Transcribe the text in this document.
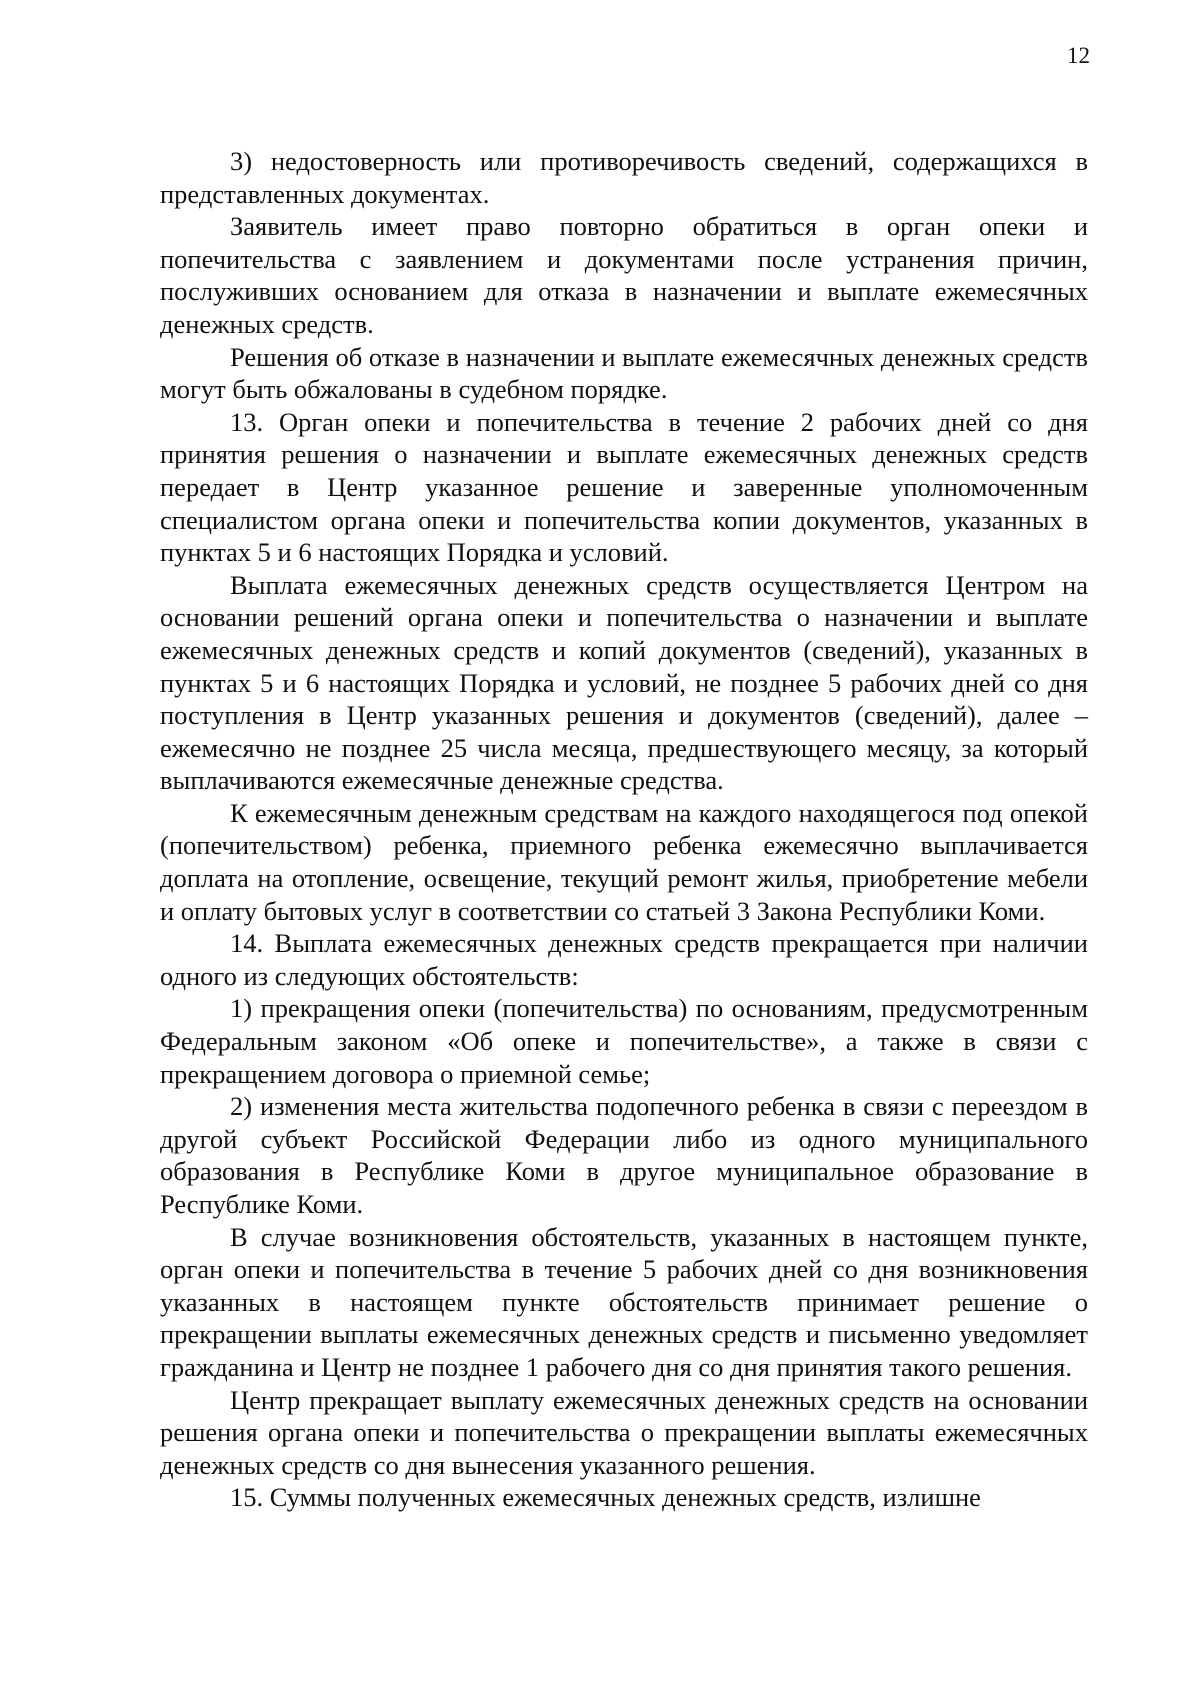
12

3) недостоверность или противоречивость сведений, содержащихся в представленных документах.

Заявитель имеет право повторно обратиться в орган опеки и попечительства с заявлением и документами после устранения причин, послуживших основанием для отказа в назначении и выплате ежемесячных денежных средств.

Решения об отказе в назначении и выплате ежемесячных денежных средств могут быть обжалованы в судебном порядке.

13. Орган опеки и попечительства в течение 2 рабочих дней со дня принятия решения о назначении и выплате ежемесячных денежных средств передает в Центр указанное решение и заверенные уполномоченным специалистом органа опеки и попечительства копии документов, указанных в пунктах 5 и 6 настоящих Порядка и условий.

Выплата ежемесячных денежных средств осуществляется Центром на основании решений органа опеки и попечительства о назначении и выплате ежемесячных денежных средств и копий документов (сведений), указанных в пунктах 5 и 6 настоящих Порядка и условий, не позднее 5 рабочих дней со дня поступления в Центр указанных решения и документов (сведений), далее – ежемесячно не позднее 25 числа месяца, предшествующего месяцу, за который выплачиваются ежемесячные денежные средства.

К ежемесячным денежным средствам на каждого находящегося под опекой (попечительством) ребенка, приемного ребенка ежемесячно выплачивается доплата на отопление, освещение, текущий ремонт жилья, приобретение мебели и оплату бытовых услуг в соответствии со статьей 3 Закона Республики Коми.

14. Выплата ежемесячных денежных средств прекращается при наличии одного из следующих обстоятельств:

1) прекращения опеки (попечительства) по основаниям, предусмотренным Федеральным законом «Об опеке и попечительстве», а также в связи с прекращением договора о приемной семье;

2) изменения места жительства подопечного ребенка в связи с переездом в другой субъект Российской Федерации либо из одного муниципального образования в Республике Коми в другое муниципальное образование в Республике Коми.

В случае возникновения обстоятельств, указанных в настоящем пункте, орган опеки и попечительства в течение 5 рабочих дней со дня возникновения указанных в настоящем пункте обстоятельств принимает решение о прекращении выплаты ежемесячных денежных средств и письменно уведомляет гражданина и Центр не позднее 1 рабочего дня со дня принятия такого решения.

Центр прекращает выплату ежемесячных денежных средств на основании решения органа опеки и попечительства о прекращении выплаты ежемесячных денежных средств со дня вынесения указанного решения.

15. Суммы полученных ежемесячных денежных средств, излишне
